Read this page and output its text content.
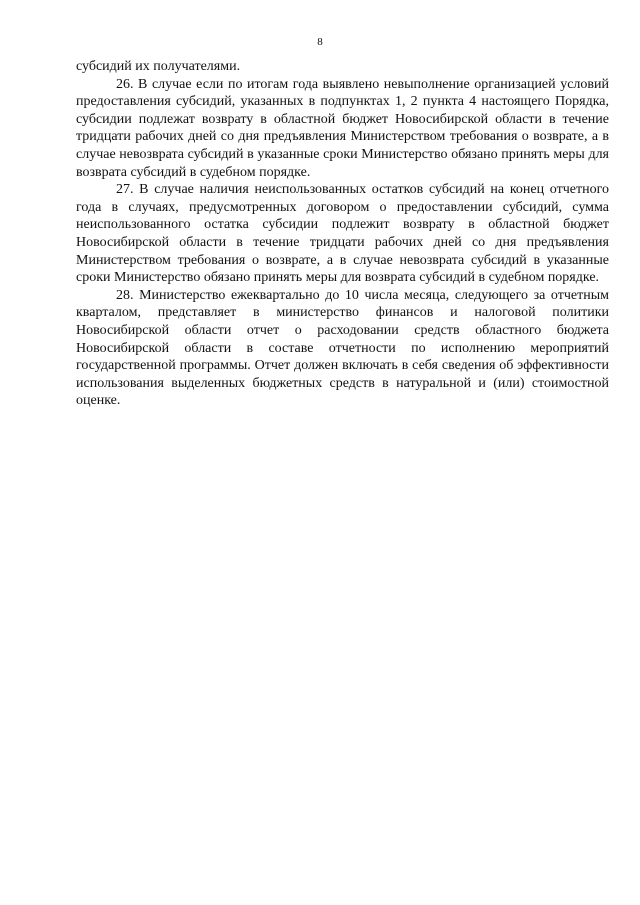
8

субсидий их получателями.

26. В случае если по итогам года выявлено невыполнение организацией условий предоставления субсидий, указанных в подпунктах 1, 2 пункта 4 настоящего Порядка, субсидии подлежат возврату в областной бюджет Новосибирской области в течение тридцати рабочих дней со дня предъявления Министерством требования о возврате, а в случае невозврата субсидий в указанные сроки Министерство обязано принять меры для возврата субсидий в судебном порядке.

27. В случае наличия неиспользованных остатков субсидий на конец отчетного года в случаях, предусмотренных договором о предоставлении субсидий, сумма неиспользованного остатка субсидии подлежит возврату в областной бюджет Новосибирской области в течение тридцати рабочих дней со дня предъявления Министерством требования о возврате, а в случае невозврата субсидий в указанные сроки Министерство обязано принять меры для возврата субсидий в судебном порядке.

28. Министерство ежеквартально до 10 числа месяца, следующего за отчетным кварталом, представляет в министерство финансов и налоговой политики Новосибирской области отчет о расходовании средств областного бюджета Новосибирской области в составе отчетности по исполнению мероприятий государственной программы. Отчет должен включать в себя сведения об эффективности использования выделенных бюджетных средств в натуральной и (или) стоимостной оценке.
